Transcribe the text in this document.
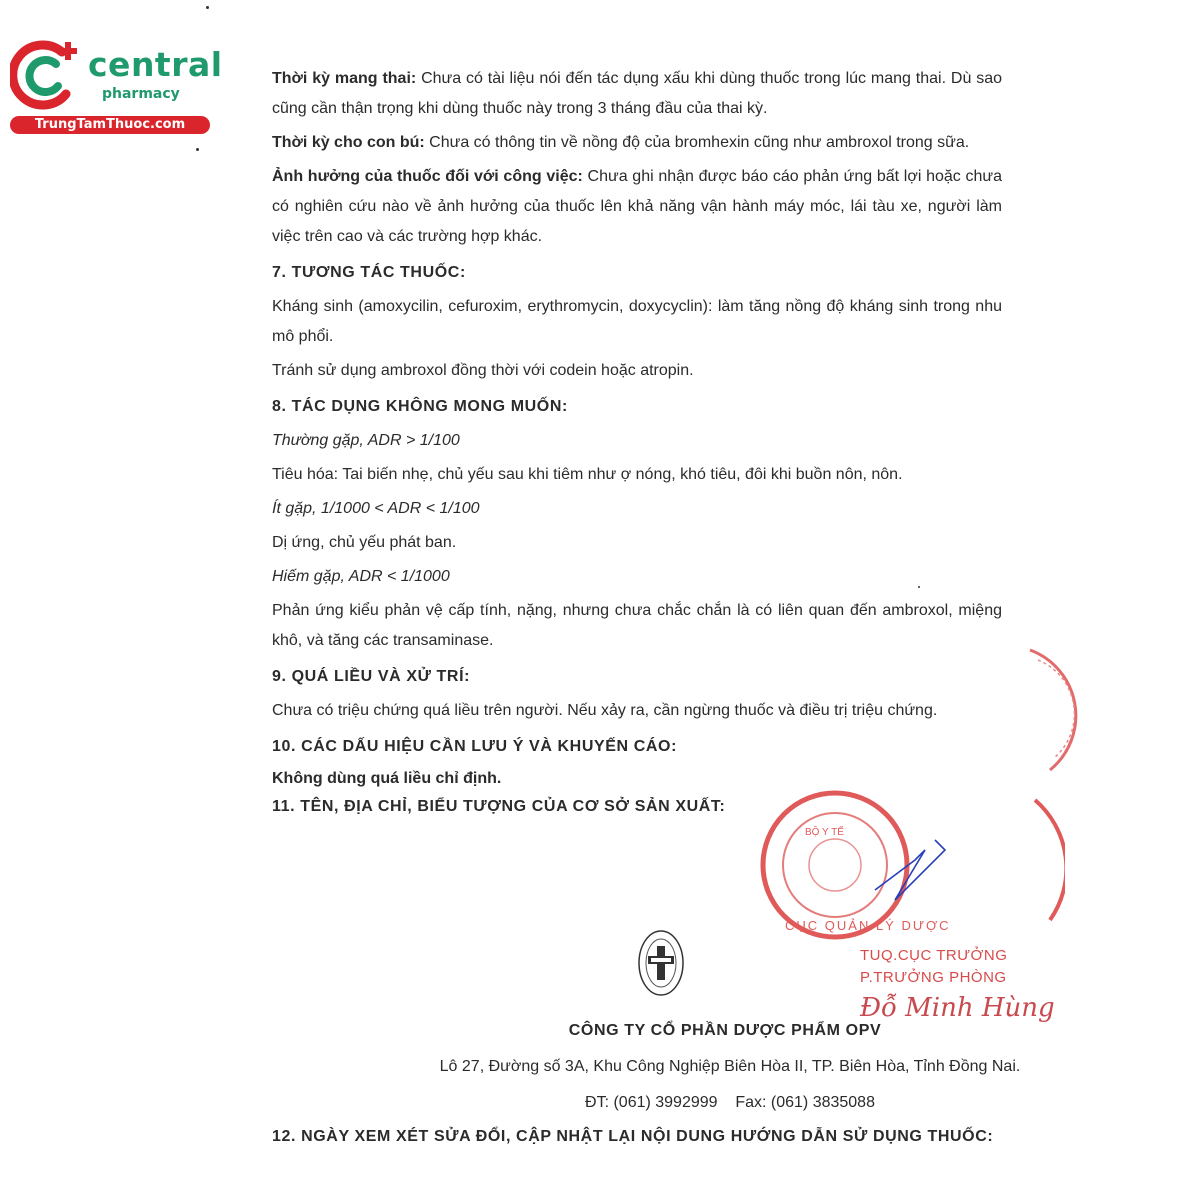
central
pharmacy
TrungTamThuoc.com

Thời kỳ mang thai: Chưa có tài liệu nói đến tác dụng xấu khi dùng thuốc trong lúc mang thai. Dù sao cũng cần thận trọng khi dùng thuốc này trong 3 tháng đầu của thai kỳ.

Thời kỳ cho con bú: Chưa có thông tin về nồng độ của bromhexin cũng như ambroxol trong sữa.

Ảnh hưởng của thuốc đối với công việc: Chưa ghi nhận được báo cáo phản ứng bất lợi hoặc chưa có nghiên cứu nào về ảnh hưởng của thuốc lên khả năng vận hành máy móc, lái tàu xe, người làm việc trên cao và các trường hợp khác.

7. TƯƠNG TÁC THUỐC:

Kháng sinh (amoxycilin, cefuroxim, erythromycin, doxycyclin): làm tăng nồng độ kháng sinh trong nhu mô phổi.

Tránh sử dụng ambroxol đồng thời với codein hoặc atropin.

8. TÁC DỤNG KHÔNG MONG MUỐN:

Thường gặp, ADR > 1/100

Tiêu hóa: Tai biến nhẹ, chủ yếu sau khi tiêm như ợ nóng, khó tiêu, đôi khi buồn nôn, nôn.

Ít gặp, 1/1000 < ADR < 1/100

Dị ứng, chủ yếu phát ban.

Hiếm gặp, ADR < 1/1000

Phản ứng kiểu phản vệ cấp tính, nặng, nhưng chưa chắc chắn là có liên quan đến ambroxol, miệng khô, và tăng các transaminase.

9. QUÁ LIỀU VÀ XỬ TRÍ:

Chưa có triệu chứng quá liều trên người. Nếu xảy ra, cần ngừng thuốc và điều trị triệu chứng.

10. CÁC DẤU HIỆU CẦN LƯU Ý VÀ KHUYẾN CÁO:

Không dùng quá liều chỉ định.

11. TÊN, ĐỊA CHỈ, BIỂU TƯỢNG CỦA CƠ SỞ SẢN XUẤT:

BỘ Y TẾ
CỤC QUẢN LÝ DƯỢC
TUQ.CỤC TRƯỞNG
P.TRƯỞNG PHÒNG
Đỗ Minh Hùng
CÔNG TY CỔ PHẦN DƯỢC PHẨM OPV
Lô 27, Đường số 3A, Khu Công Nghiệp Biên Hòa II, TP. Biên Hòa, Tỉnh Đồng Nai.
ĐT: (061) 3992999    Fax: (061) 3835088
12. NGÀY XEM XÉT SỬA ĐỔI, CẬP NHẬT LẠI NỘI DUNG HƯỚNG DẪN SỬ DỤNG THUỐC:
